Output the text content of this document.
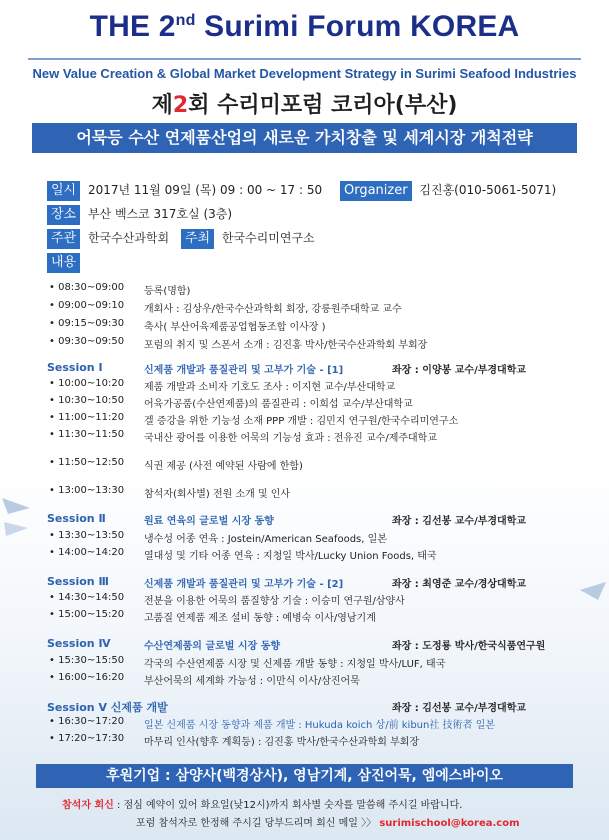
THE 2nd Surimi Forum KOREA
New Value Creation & Global Market Development Strategy in Surimi Seafood Industries
제2회 수리미포럼 코리아(부산)
어묵등 수산 연제품산업의 새로운 가치창출 및 세계시장 개척전략
일시 2017년 11월 09일 (목) 09 : 00 ~ 17 : 50 Organizer 김진홍(010-5061-5071)
장소 부산 벡스코 317호실 (3층)
주관 한국수산과학회 주최 한국수리미연구소
내용
• 08:30~09:00 등록(명함)
• 09:00~09:10 개회사 : 김상우/한국수산과학회 회장, 강릉원주대학교 교수
• 09:15~09:30 축사( 부산어육제품공업협동조합 이사장 )
• 09:30~09:50 포럼의 취지 및 스폰서 소개 : 김진홍 박사/한국수산과학회 부회장
Session Ⅰ	신제품 개발과 품질관리 및 고부가 기술 - [1]	좌장 : 이양봉 교수/부경대학교
• 10:00~10:20 제품 개발과 소비자 기호도 조사 : 이지현 교수/부산대학교
• 10:30~10:50 어육가공품(수산연제품)의 품질관리 : 이희섭 교수/부산대학교
• 11:00~11:20 겔 증강을 위한 기능성 소재 PPP 개발 : 김민지 연구원/한국수리미연구소
• 11:30~11:50 국내산 광어를 이용한 어묵의 기능성 효과 : 전유진 교수/제주대학교
• 11:50~12:50 식권 제공 (사전 예약된 사람에 한함)
• 13:00~13:30 참석자(회사별) 전원 소개 및 인사
Session Ⅱ	원료 연육의 글로벌 시장 동향	좌장 : 김선봉 교수/부경대학교
• 13:30~13:50 냉수성 어종 연육 : Jostein/American Seafoods, 일본
• 14:00~14:20 열대성 및 기타 어종 연육 : 지청일 박사/Lucky Union Foods, 태국
Session Ⅲ	신제품 개발과 품질관리 및 고부가 기술 - [2]	좌장 : 최영준 교수/경상대학교
• 14:30~14:50 전분을 이용한 어묵의 품질향상 기술 : 이승미 연구원/삼양사
• 15:00~15:20 고품질 연제품 제조 설비 동향 : 예병숙 이사/영남기계
Session Ⅳ	수산연제품의 글로벌 시장 동향	좌장 : 도정룡 박사/한국식품연구원
• 15:30~15:50 각국의 수산연제품 시장 및 신제품 개발 동향 : 지청일 박사/LUF, 태국
• 16:00~16:20 부산어묵의 세계화 가능성 : 이만식 이사/삼진어묵
Session Ⅴ 신제품 개발	좌장 : 김선봉 교수/부경대학교
• 16:30~17:20 일본 신제품 시장 동향과 제품 개발 : Hukuda koich 상/前 kibun社 技術者 일본
• 17:20~17:30 마무리 인사(향후 계획등) : 김진홍 박사/한국수산과학회 부회장
후원기업 : 삼양사(백경상사), 영남기계, 삼진어묵, 엠에스바이오
참석자 회신 : 점심 예약이 있어 화요일(낮12시)까지 회사별 숫자를 말씀해 주시길 바랍니다.
포럼 참석자로 한정해 주시길 당부드리며 회신 메일 〉〉 surimischool@korea.com
